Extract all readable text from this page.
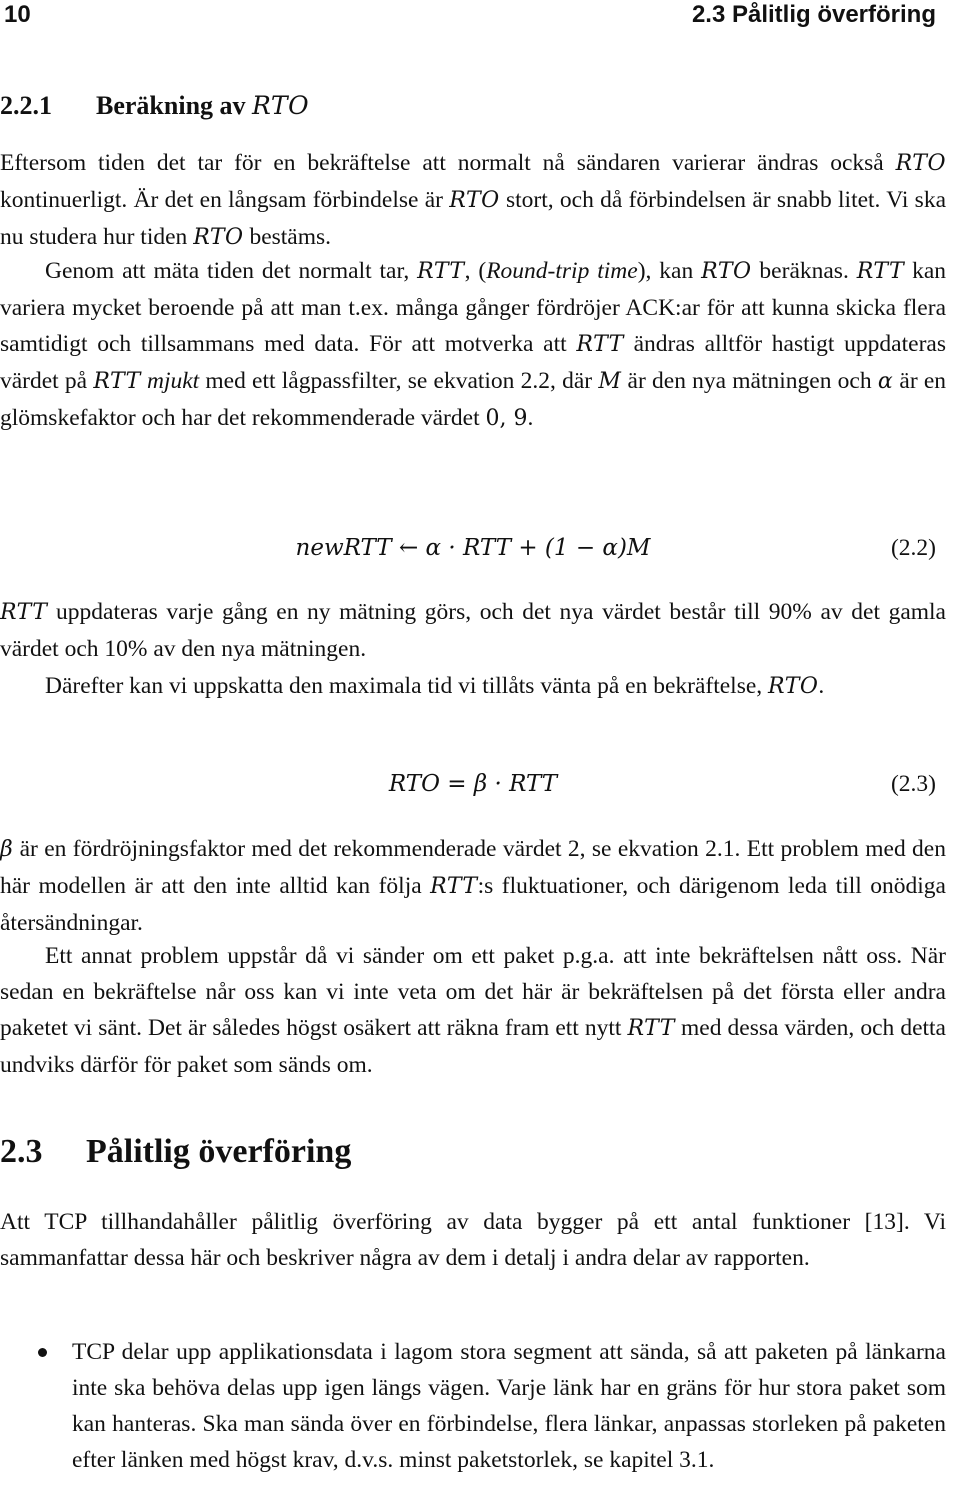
10	2.3 Pålitlig överföring
2.2.1 Beräkning av RTO

Eftersom tiden det tar för en bekräftelse att normalt nå sändaren varierar ändras också RTO kontinuerligt. Är det en långsam förbindelse är RTO stort, och då förbindelsen är snabb litet. Vi ska nu studera hur tiden RTO bestäms.

Genom att mäta tiden det normalt tar, RTT, (Round-trip time), kan RTO beräknas. RTT kan variera mycket beroende på att man t.ex. många gånger fördröjer ACK:ar för att kunna skicka flera samtidigt och tillsammans med data. För att motverka att RTT ändras alltför hastigt uppdateras värdet på RTT mjukt med ett lågpassfilter, se ekvation 2.2, där M är den nya mätningen och α är en glömskefaktor och har det rekommenderade värdet 0, 9.

newRTT ← α · RTT + (1 − α)M	(2.2)

RTT uppdateras varje gång en ny mätning görs, och det nya värdet består till 90% av det gamla värdet och 10% av den nya mätningen.

Därefter kan vi uppskatta den maximala tid vi tillåts vänta på en bekräftelse, RTO.

RTO = β · RTT	(2.3)

β är en fördröjningsfaktor med det rekommenderade värdet 2, se ekvation 2.1. Ett problem med den här modellen är att den inte alltid kan följa RTT:s fluktuationer, och därigenom leda till onödiga återsändningar.

Ett annat problem uppstår då vi sänder om ett paket p.g.a. att inte bekräftelsen nått oss. När sedan en bekräftelse når oss kan vi inte veta om det här är bekräftelsen på det första eller andra paketet vi sänt. Det är således högst osäkert att räkna fram ett nytt RTT med dessa värden, och detta undviks därför för paket som sänds om.

2.3 Pålitlig överföring

Att TCP tillhandahåller pålitlig överföring av data bygger på ett antal funktioner [13]. Vi sammanfattar dessa här och beskriver några av dem i detalj i andra delar av rapporten.

TCP delar upp applikationsdata i lagom stora segment att sända, så att paketen på länkarna inte ska behöva delas upp igen längs vägen. Varje länk har en gräns för hur stora paket som kan hanteras. Ska man sända över en förbindelse, flera länkar, anpassas storleken på paketen efter länken med högst krav, d.v.s. minst paketstorlek, se kapitel 3.1.
